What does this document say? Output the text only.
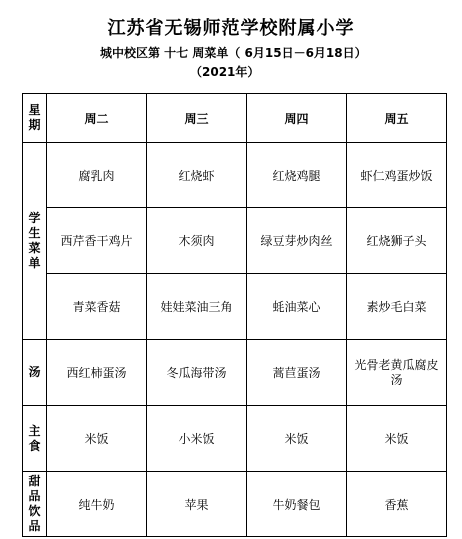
江苏省无锡师范学校附属小学
城中校区第 十七 周菜单（ 6月15日－6月18日）
（2021年）
星
期	周二	周三	周四	周五

学
生
菜
单	腐乳肉	红烧虾	红烧鸡腿	虾仁鸡蛋炒饭
	西芹香干鸡片	木须肉	绿豆芽炒肉丝	红烧狮子头
	青菜香菇	娃娃菜油三角	蚝油菜心	素炒毛白菜

汤	西红柿蛋汤	冬瓜海带汤	蒿苣蛋汤	光骨老黄瓜腐皮汤

主
食	米饭	小米饭	米饭	米饭

甜
品
饮
品	纯牛奶	苹果	牛奶餐包	香蕉
